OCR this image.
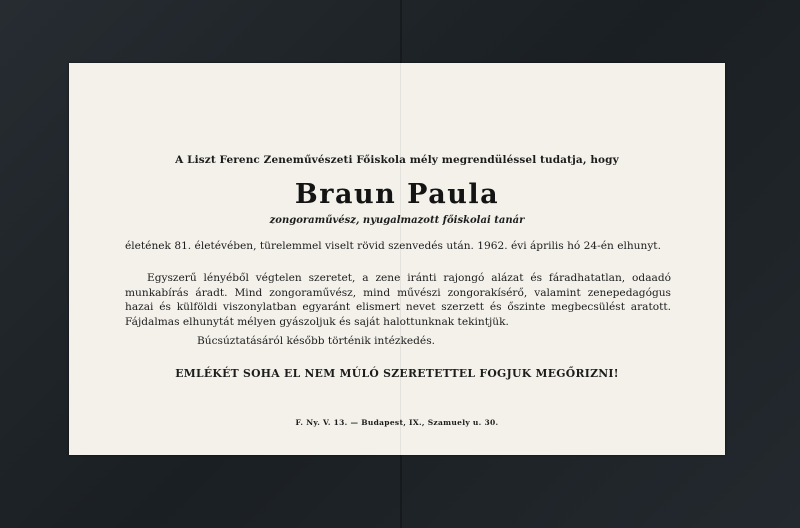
A Liszt Ferenc Zeneművészeti Főiskola mély megrendüléssel tudatja, hogy
Braun Paula
zongoraművész, nyugalmazott főiskolai tanár
életének 81. életévében, türelemmel viselt rövid szenvedés után. 1962. évi április hó 24-én elhunyt.
Egyszerű lényéből végtelen szeretet, a zene iránti rajongó alázat és fáradhatatlan, odaadó munkabírás áradt. Mind zongoraművész, mind művészi zongorakísérő, valamint zenepedagógus hazai és külföldi viszonylatban egyaránt elismert nevet szerzett és őszinte megbecsülést aratott. Fájdalmas elhunytát mélyen gyászoljuk és saját halottunknak tekintjük.
Búcsúztatásáról később történik intézkedés.
EMLÉKÉT SOHA EL NEM MÚLÓ SZERETETTEL FOGJUK MEGŐRIZNI!
F. Ny. V. 13. — Budapest, IX., Szamuely u. 30.
